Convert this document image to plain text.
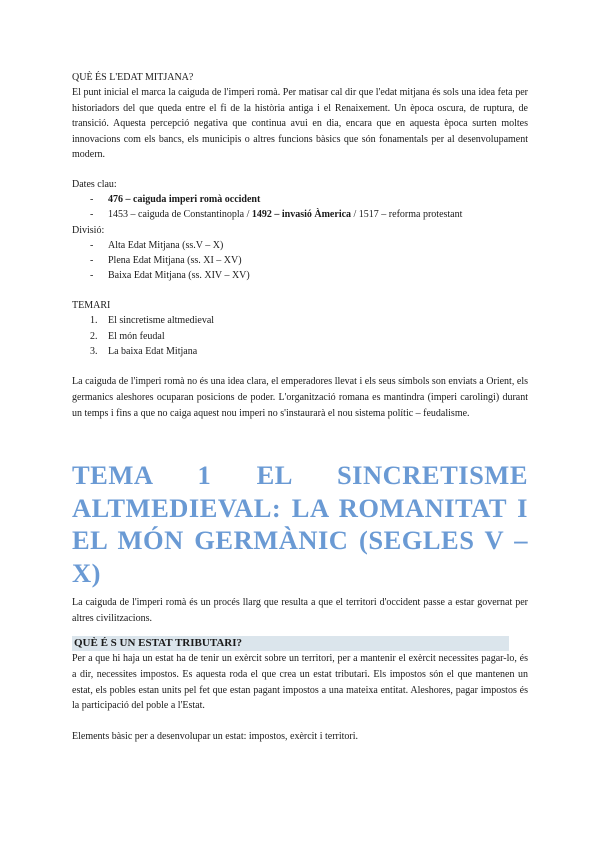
QUÈ ÉS L'EDAT MITJANA?

El punt inicial el marca la caiguda de l'imperi romà. Per matisar cal dir que l'edat mitjana és sols una idea feta per historiadors del que queda entre el fi de la història antiga i el Renaixement. Un època oscura, de ruptura, de transició. Aquesta percepció negativa que continua avui en dia, encara que en aquesta època surten moltes innovacions com els bancs, els municipis o altres funcions bàsics que són fonamentals per al desenvolupament modern.

Dates clau:

- 476 – caiguda imperi romà occident
- 1453 – caiguda de Constantinopla / 1492 – invasió Àmerica / 1517 – reforma protestant

Divisió:

- Alta Edat Mitjana (ss.V – X)
- Plena Edat Mitjana (ss. XI – XV)
- Baixa Edat Mitjana (ss. XIV – XV)

TEMARI

1. El sincretisme altmedieval
2. El món feudal
3. La baixa Edat Mitjana

La caiguda de l'imperi romà no és una idea clara, el emperadores llevat i els seus símbols son enviats a Orient, els germanics aleshores ocuparan posicions de poder. L'organització romana es mantindra (imperi carolingi) durant un temps i fins a que no caiga aquest nou imperi no s'instaurarà el nou sistema polític – feudalisme.

TEMA 1 EL SINCRETISME ALTMEDIEVAL: LA ROMANITAT I EL MÓN GERMÀNIC (SEGLES V – X)

La caiguda de l'imperi romà és un procés llarg que resulta a que el territori d'occident passe a estar governat per altres civilitzacions.

QUÈ É S UN ESTAT TRIBUTARI?

Per a que hi haja un estat ha de tenir un exèrcit sobre un territori, per a mantenir el exèrcit necessites pagar-lo, és a dir, necessites impostos. Es aquesta roda el que crea un estat tributari. Els impostos són el que mantenen un estat, els pobles estan units pel fet que estan pagant impostos a una mateixa entitat. Aleshores, pagar impostos és la participació del poble a l'Estat.

Elements bàsic per a desenvolupar un estat: impostos, exèrcit i territori.
